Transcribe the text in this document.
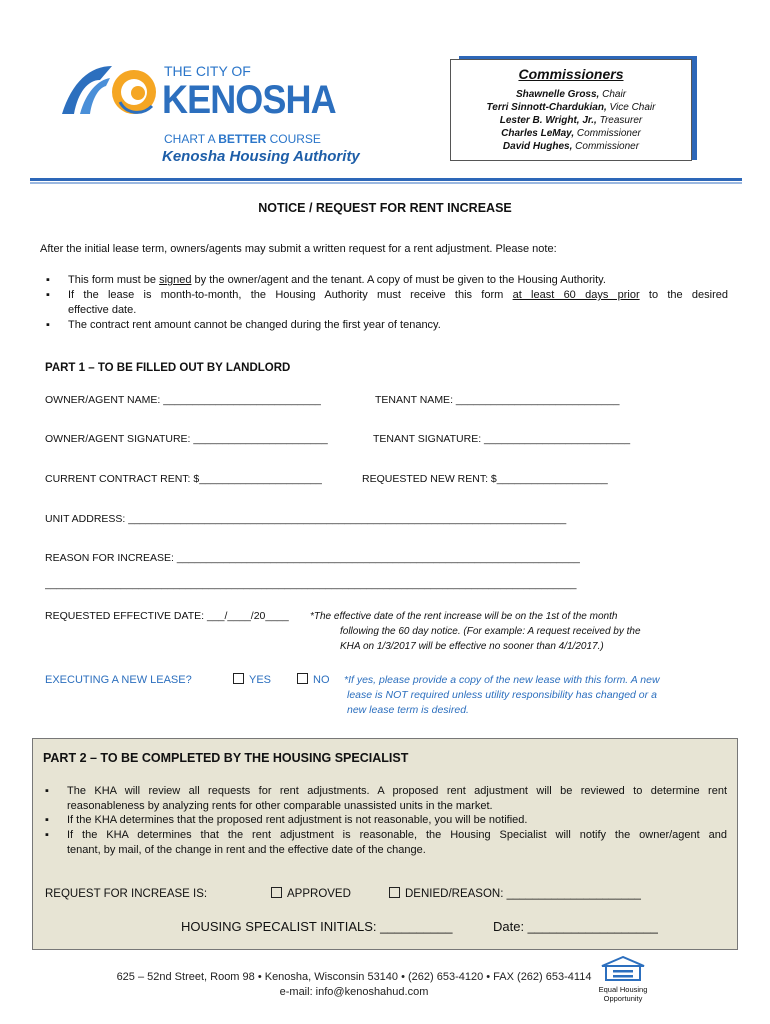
THE CITY OF
KENOSHA
CHART A BETTER COURSE
Kenosha Housing Authority
Commissioners
Shawnelle Gross, Chair
Terri Sinnott-Chardukian, Vice Chair
Lester B. Wright, Jr., Treasurer
Charles LeMay, Commissioner
David Hughes, Commissioner
NOTICE / REQUEST FOR RENT INCREASE
After the initial lease term, owners/agents may submit a written request for a rent adjustment. Please note:
▪ This form must be signed by the owner/agent and the tenant. A copy of must be given to the Housing Authority.
▪ If the lease is month-to-month, the Housing Authority must receive this form at least 60 days prior to the desired
effective date.
▪ The contract rent amount cannot be changed during the first year of tenancy.
PART 1 – TO BE FILLED OUT BY LANDLORD
OWNER/AGENT NAME: ___________________________	TENANT NAME: ____________________________
OWNER/AGENT SIGNATURE: _______________________	TENANT SIGNATURE: _________________________
CURRENT CONTRACT RENT: $_____________________	REQUESTED NEW RENT: $___________________
UNIT ADDRESS: ___________________________________________________________________________
REASON FOR INCREASE: _____________________________________________________________________
___________________________________________________________________________________________
REQUESTED EFFECTIVE DATE: ___/____/20____ *The effective date of the rent increase will be on the 1st of the month
following the 60 day notice. (For example: A request received by the
KHA on 1/3/2017 will be effective no sooner than 4/1/2017.)
EXECUTING A NEW LEASE?	YES	NO *If yes, please provide a copy of the new lease with this form. A new
lease is NOT required unless utility responsibility has changed or a
new lease term is desired.
PART 2 – TO BE COMPLETED BY THE HOUSING SPECIALIST
▪ The KHA will review all requests for rent adjustments. A proposed rent adjustment will be reviewed to determine rent
reasonableness by analyzing rents for other comparable unassisted units in the market.
▪ If the KHA determines that the proposed rent adjustment is not reasonable, you will be notified.
▪ If the KHA determines that the rent adjustment is reasonable, the Housing Specialist will notify the owner/agent and
tenant, by mail, of the change in rent and the effective date of the change.
REQUEST FOR INCREASE IS:	APPROVED	DENIED/REASON: _____________________
HOUSING SPECALIST INITIALS: __________	Date: __________________
625 – 52nd Street, Room 98 • Kenosha, Wisconsin 53140 • (262) 653-4120 • FAX (262) 653-4114
e-mail: info@kenoshahud.com	Equal Housing
Opportunity
